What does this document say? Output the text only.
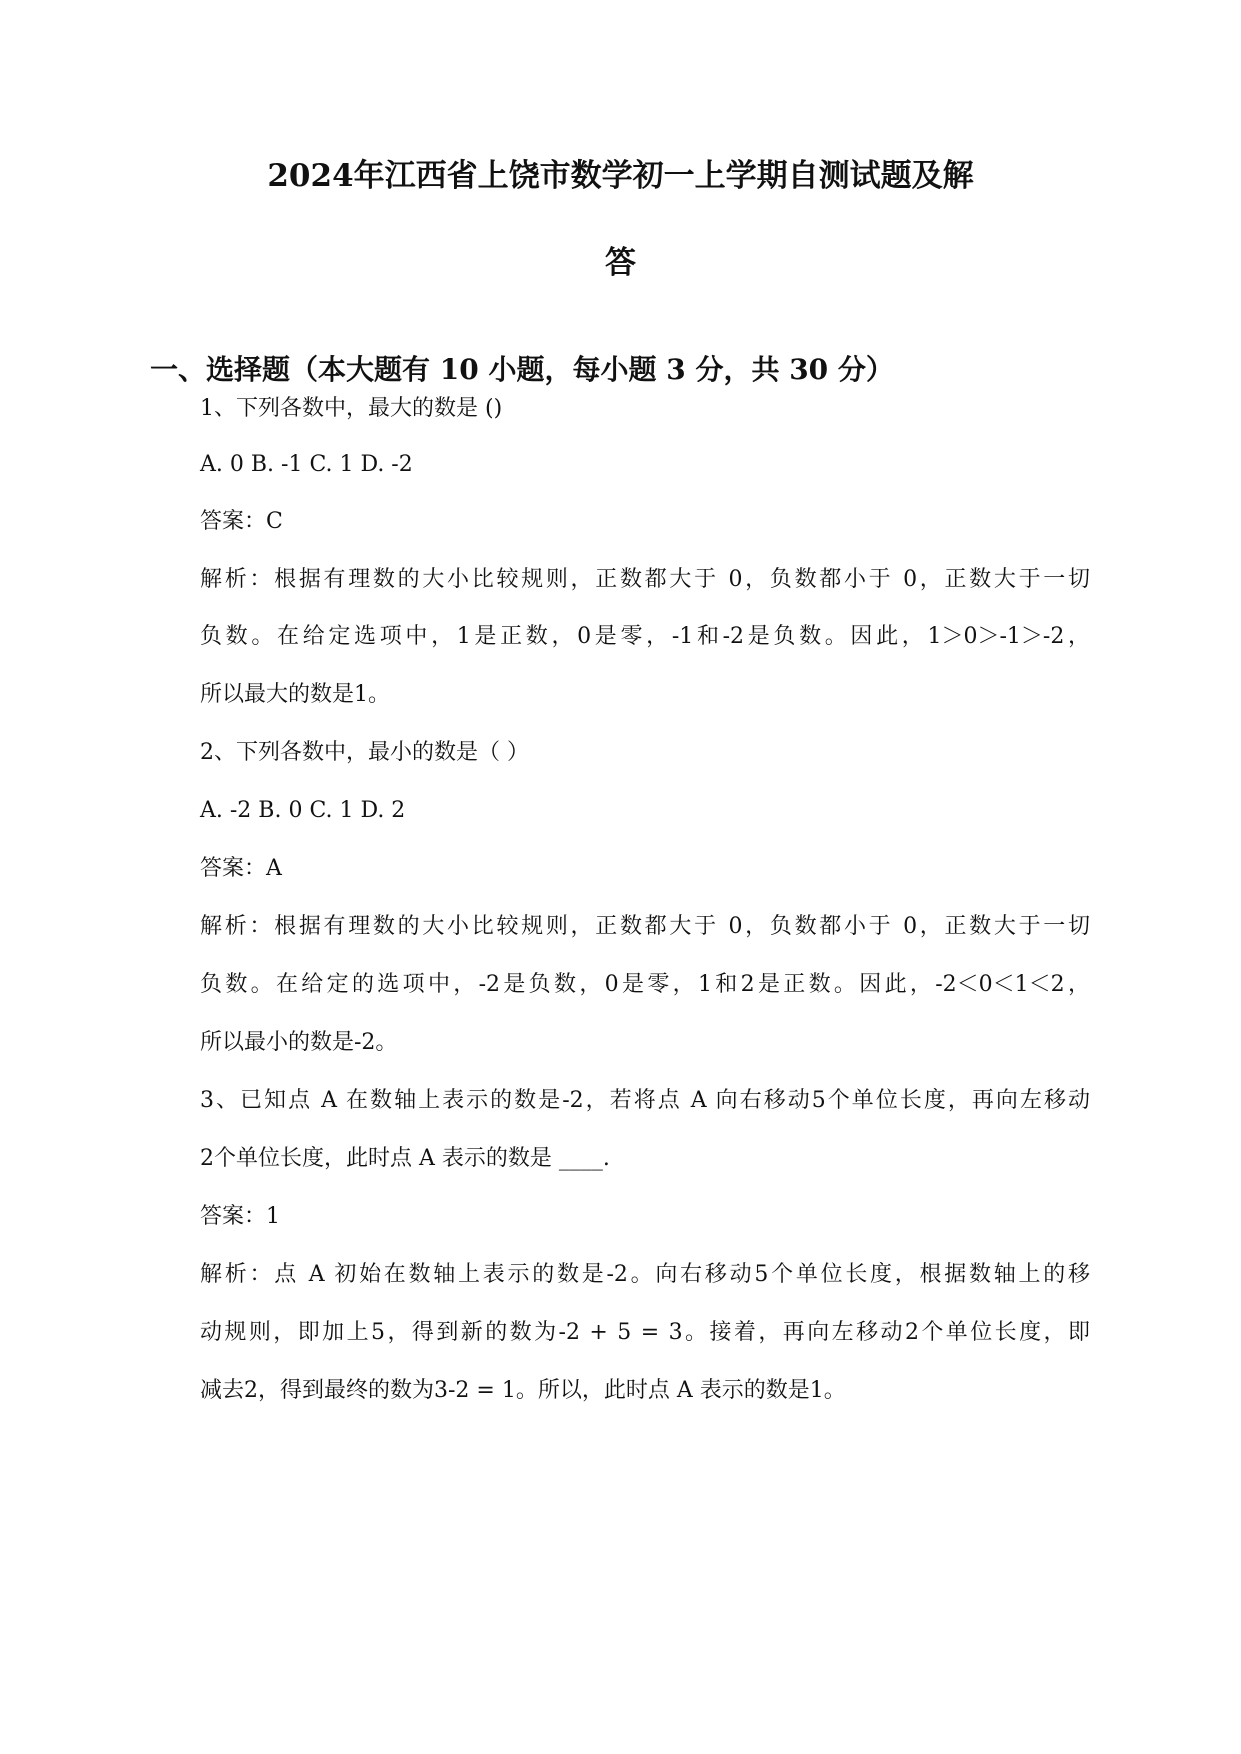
2024年江西省上饶市数学初一上学期自测试题及解
答
一、选择题（本大题有 10 小题，每小题 3 分，共 30 分）
1、下列各数中，最大的数是 ()
A. 0 B. -1 C. 1 D. -2
答案：C
解析：根据有理数的大小比较规则，正数都大于 0，负数都小于 0，正数大于一切
负数。在给定选项中，1是正数，0是零，-1和-2是负数。因此，1＞0＞-1＞-2，
所以最大的数是1。
2、下列各数中，最小的数是（ ）
A. -2 B. 0 C. 1 D. 2
答案：A
解析：根据有理数的大小比较规则，正数都大于 0，负数都小于 0，正数大于一切
负数。在给定的选项中，-2是负数，0是零，1和2是正数。因此，-2＜0＜1＜2，
所以最小的数是-2。
3、已知点 A 在数轴上表示的数是-2，若将点 A 向右移动5个单位长度，再向左移动
2个单位长度，此时点 A 表示的数是 ____.
答案：1
解析：点 A 初始在数轴上表示的数是-2。向右移动5个单位长度，根据数轴上的移
动规则，即加上5，得到新的数为-2 + 5 = 3。接着，再向左移动2个单位长度，即
减去2，得到最终的数为3-2 = 1。所以，此时点 A 表示的数是1。
